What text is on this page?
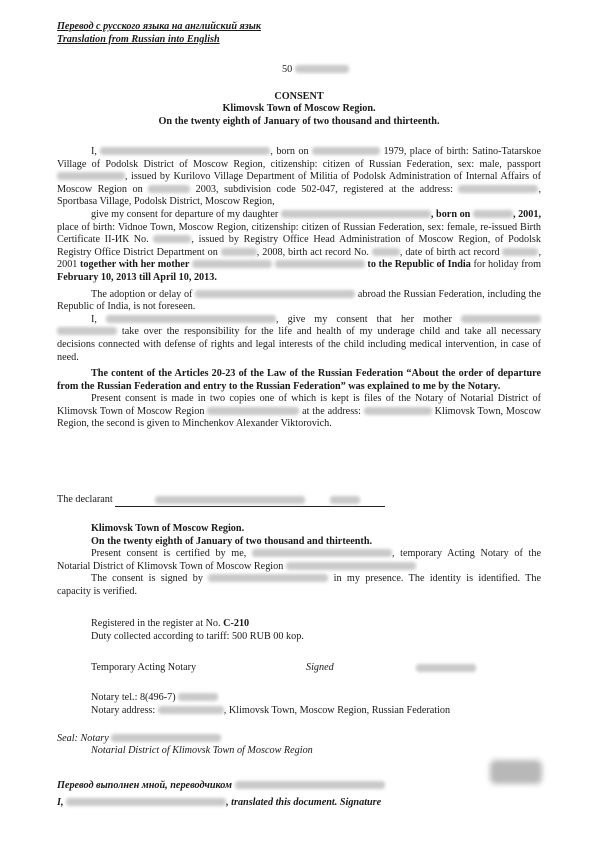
Перевод с русского языка на английский язык
Translation from Russian into English
50
CONSENT
Klimovsk Town of Moscow Region.
On the twenty eighth of January of two thousand and thirteenth.

I,	, born on	1979, place of birth: Satino-Tatarskoe Village of Podolsk District of Moscow Region, citizenship: citizen of Russian Federation, sex: male, passport , issued by Kurilovo Village Department of Militia of Podolsk Administration of Internal Affairs of Moscow Region on	2003, subdivision code 502-047, registered at the address:	, Sportbasa Village, Podolsk District, Moscow Region,

give my consent for departure of my daughter	, born on	, 2001, place of birth: Vidnoe Town, Moscow Region, citizenship: citizen of Russian Federation, sex: female, re-issued Birth Certificate II-ИК No.	, issued by Registry Office Head Administration of Moscow Region, of Podolsk Registry Office District Department on	, 2008, birth act record No.	, date of birth act record	, 2001 together with her mother	to the Republic of India for holiday from February 10, 2013 till April 10, 2013.

The adoption or delay of	abroad the Russian Federation, including the Republic of India, is not foreseen.

I,	, give my consent that her mother   take over the responsibility for the life and health of my underage child and take all necessary decisions connected with defense of rights and legal interests of the child including medical intervention, in case of need.

The content of the Articles 20-23 of the Law of the Russian Federation “About the order of departure from the Russian Federation and entry to the Russian Federation” was explained to me by the Notary.

Present consent is made in two copies one of which is kept is files of the Notary of Notarial District of Klimovsk Town of Moscow Region	at the address:	Klimovsk Town, Moscow Region, the second is given to Minchenkov Alexander Viktorovich.

The declarant
Klimovsk Town of Moscow Region.
On the twenty eighth of January of two thousand and thirteenth.
Present consent is certified by me,	, temporary Acting Notary of the Notarial District of Klimovsk Town of Moscow Region
The consent is signed by	in my presence. The identity is identified. The capacity is verified.
Registered in the register at No. C-210
Duty collected according to tariff: 500 RUB 00 kop.
Temporary Acting Notary	Signed
Notary tel.: 8(496-7)
Notary address:	, Klimovsk Town, Moscow Region, Russian Federation
Seal: Notary
Notarial District of Klimovsk Town of Moscow Region
Перевод выполнен мной, переводчиком
I,	, translated this document. Signature
